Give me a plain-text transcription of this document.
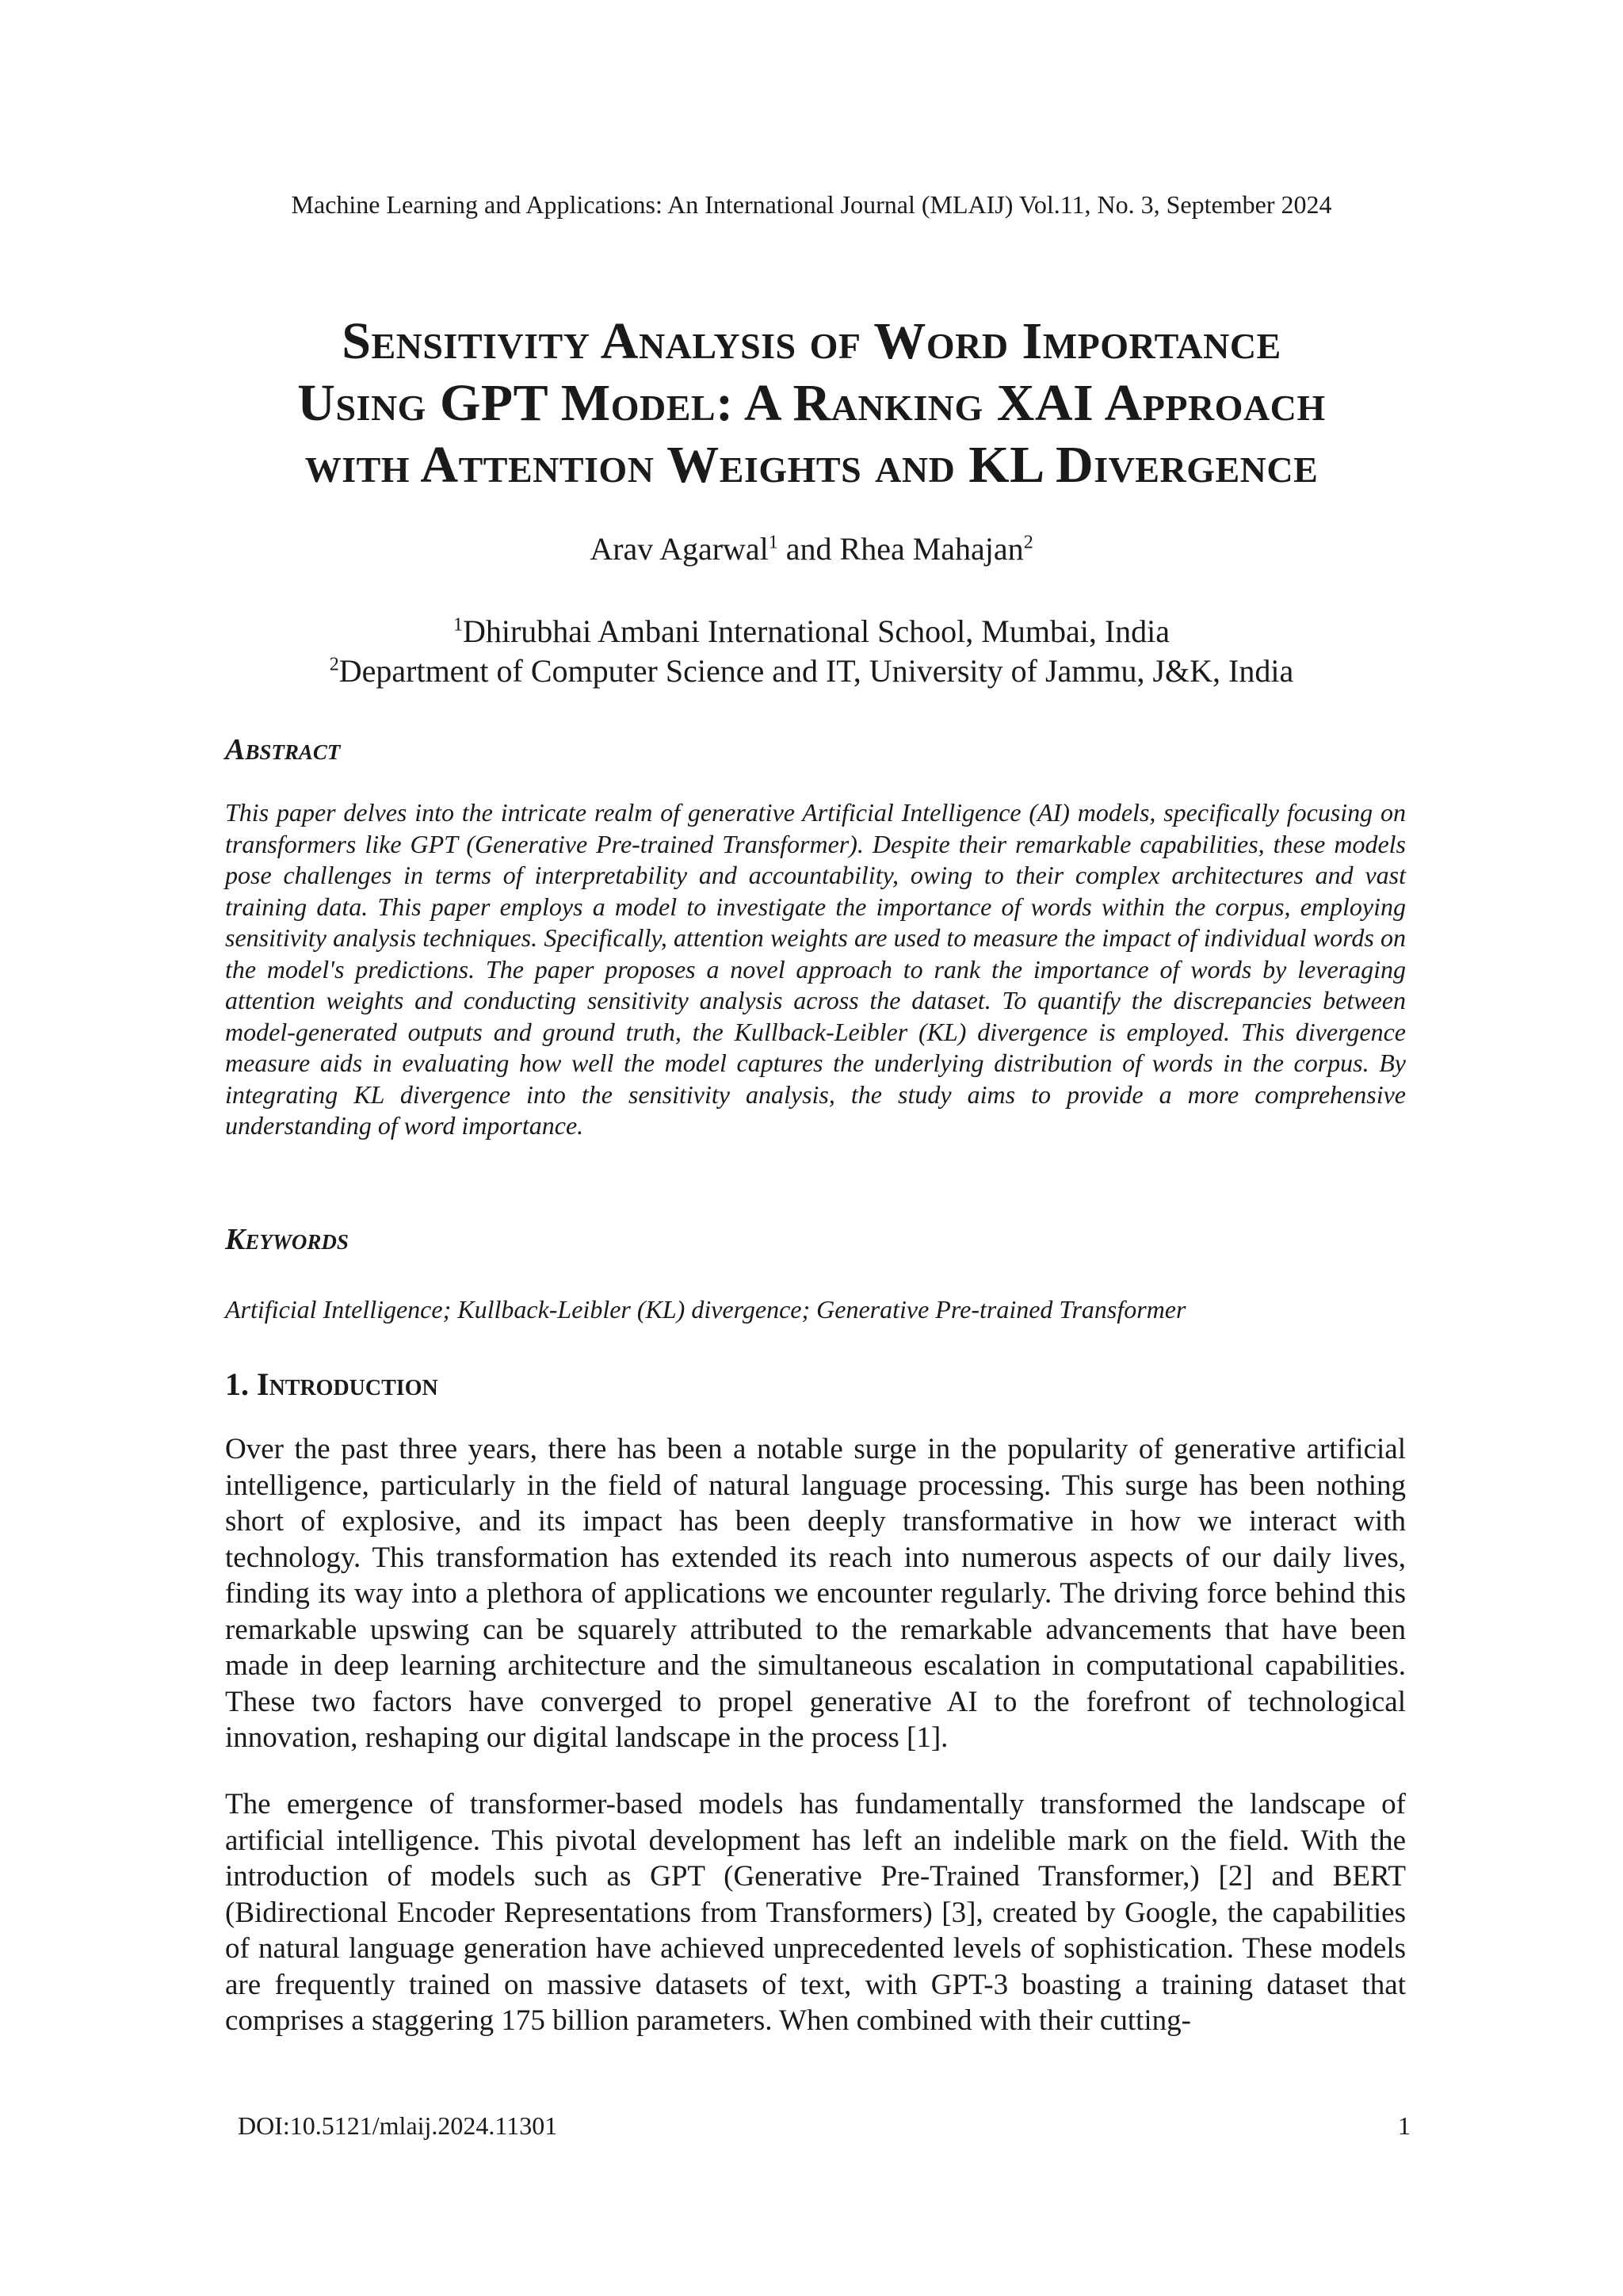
Machine Learning and Applications: An International Journal (MLAIJ) Vol.11, No. 3, September 2024
Sensitivity Analysis of Word Importance
Using GPT Model: A Ranking XAI Approach
with Attention Weights and KL Divergence
Arav Agarwal$^1$ and Rhea Mahajan$^2$
$^1$Dhirubhai Ambani International School, Mumbai, India
$^2$Department of Computer Science and IT, University of Jammu, J&K, India
Abstract
This paper delves into the intricate realm of generative Artificial Intelligence (AI) models, specifically focusing on transformers like GPT (Generative Pre-trained Transformer). Despite their remarkable capabilities, these models pose challenges in terms of interpretability and accountability, owing to their complex architectures and vast training data. This paper employs a model to investigate the importance of words within the corpus, employing sensitivity analysis techniques. Specifically, attention weights are used to measure the impact of individual words on the model's predictions. The paper proposes a novel approach to rank the importance of words by leveraging attention weights and conducting sensitivity analysis across the dataset. To quantify the discrepancies between model-generated outputs and ground truth, the Kullback-Leibler (KL) divergence is employed. This divergence measure aids in evaluating how well the model captures the underlying distribution of words in the corpus. By integrating KL divergence into the sensitivity analysis, the study aims to provide a more comprehensive understanding of word importance.
Keywords
Artificial Intelligence; Kullback-Leibler (KL) divergence; Generative Pre-trained Transformer
1. Introduction
Over the past three years, there has been a notable surge in the popularity of generative artificial intelligence, particularly in the field of natural language processing. This surge has been nothing short of explosive, and its impact has been deeply transformative in how we interact with technology. This transformation has extended its reach into numerous aspects of our daily lives, finding its way into a plethora of applications we encounter regularly. The driving force behind this remarkable upswing can be squarely attributed to the remarkable advancements that have been made in deep learning architecture and the simultaneous escalation in computational capabilities. These two factors have converged to propel generative AI to the forefront of technological innovation, reshaping our digital landscape in the process [1].
The emergence of transformer-based models has fundamentally transformed the landscape of artificial intelligence. This pivotal development has left an indelible mark on the field. With the introduction of models such as GPT (Generative Pre-Trained Transformer,) [2] and BERT (Bidirectional Encoder Representations from Transformers) [3], created by Google, the capabilities of natural language generation have achieved unprecedented levels of sophistication. These models are frequently trained on massive datasets of text, with GPT-3 boasting a training dataset that comprises a staggering 175 billion parameters. When combined with their cutting-
DOI:10.5121/mlaij.2024.11301	1
